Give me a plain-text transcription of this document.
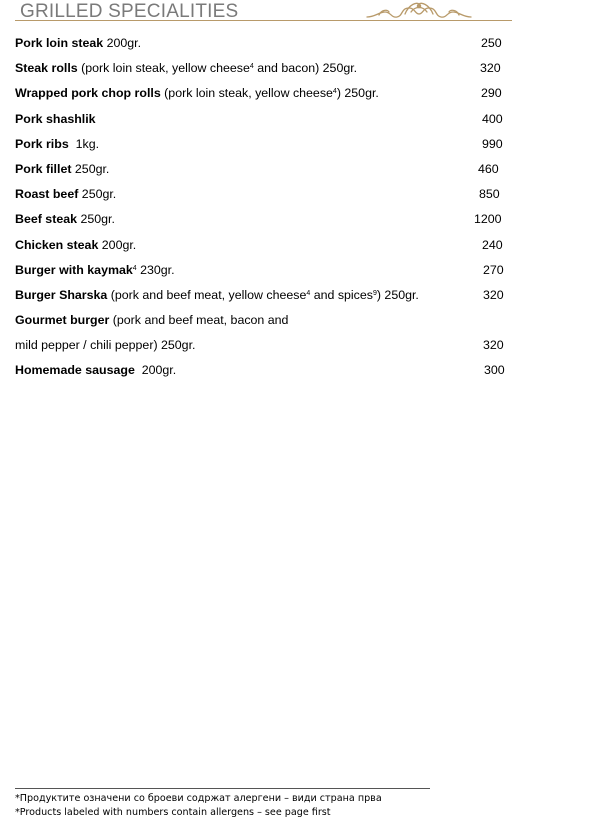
GRILLED SPECIALITIES
Pork loin steak 200gr.	250
Steak rolls (pork loin steak, yellow cheese$^4$ and bacon) 250gr.	320
Wrapped pork chop rolls (pork loin steak, yellow cheese$^4$) 250gr.	290
Pork shashlik	400
Pork ribs  1kg.	990
Pork fillet 250gr.	460
Roast beef 250gr.	850
Beef steak 250gr.	1200
Chicken steak 200gr.	240
Burger with kaymak$^4$ 230gr.	270
Burger Sharska (pork and beef meat, yellow cheese$^4$ and spices$^9$) 250gr.	320
Gourmet burger (pork and beef meat, bacon and
mild pepper / chili pepper) 250gr.	320
Homemade sausage  200gr.	300
*Продуктите означени со броеви содржат алергени – види страна прва
*Products labeled with numbers contain allergens – see page first
